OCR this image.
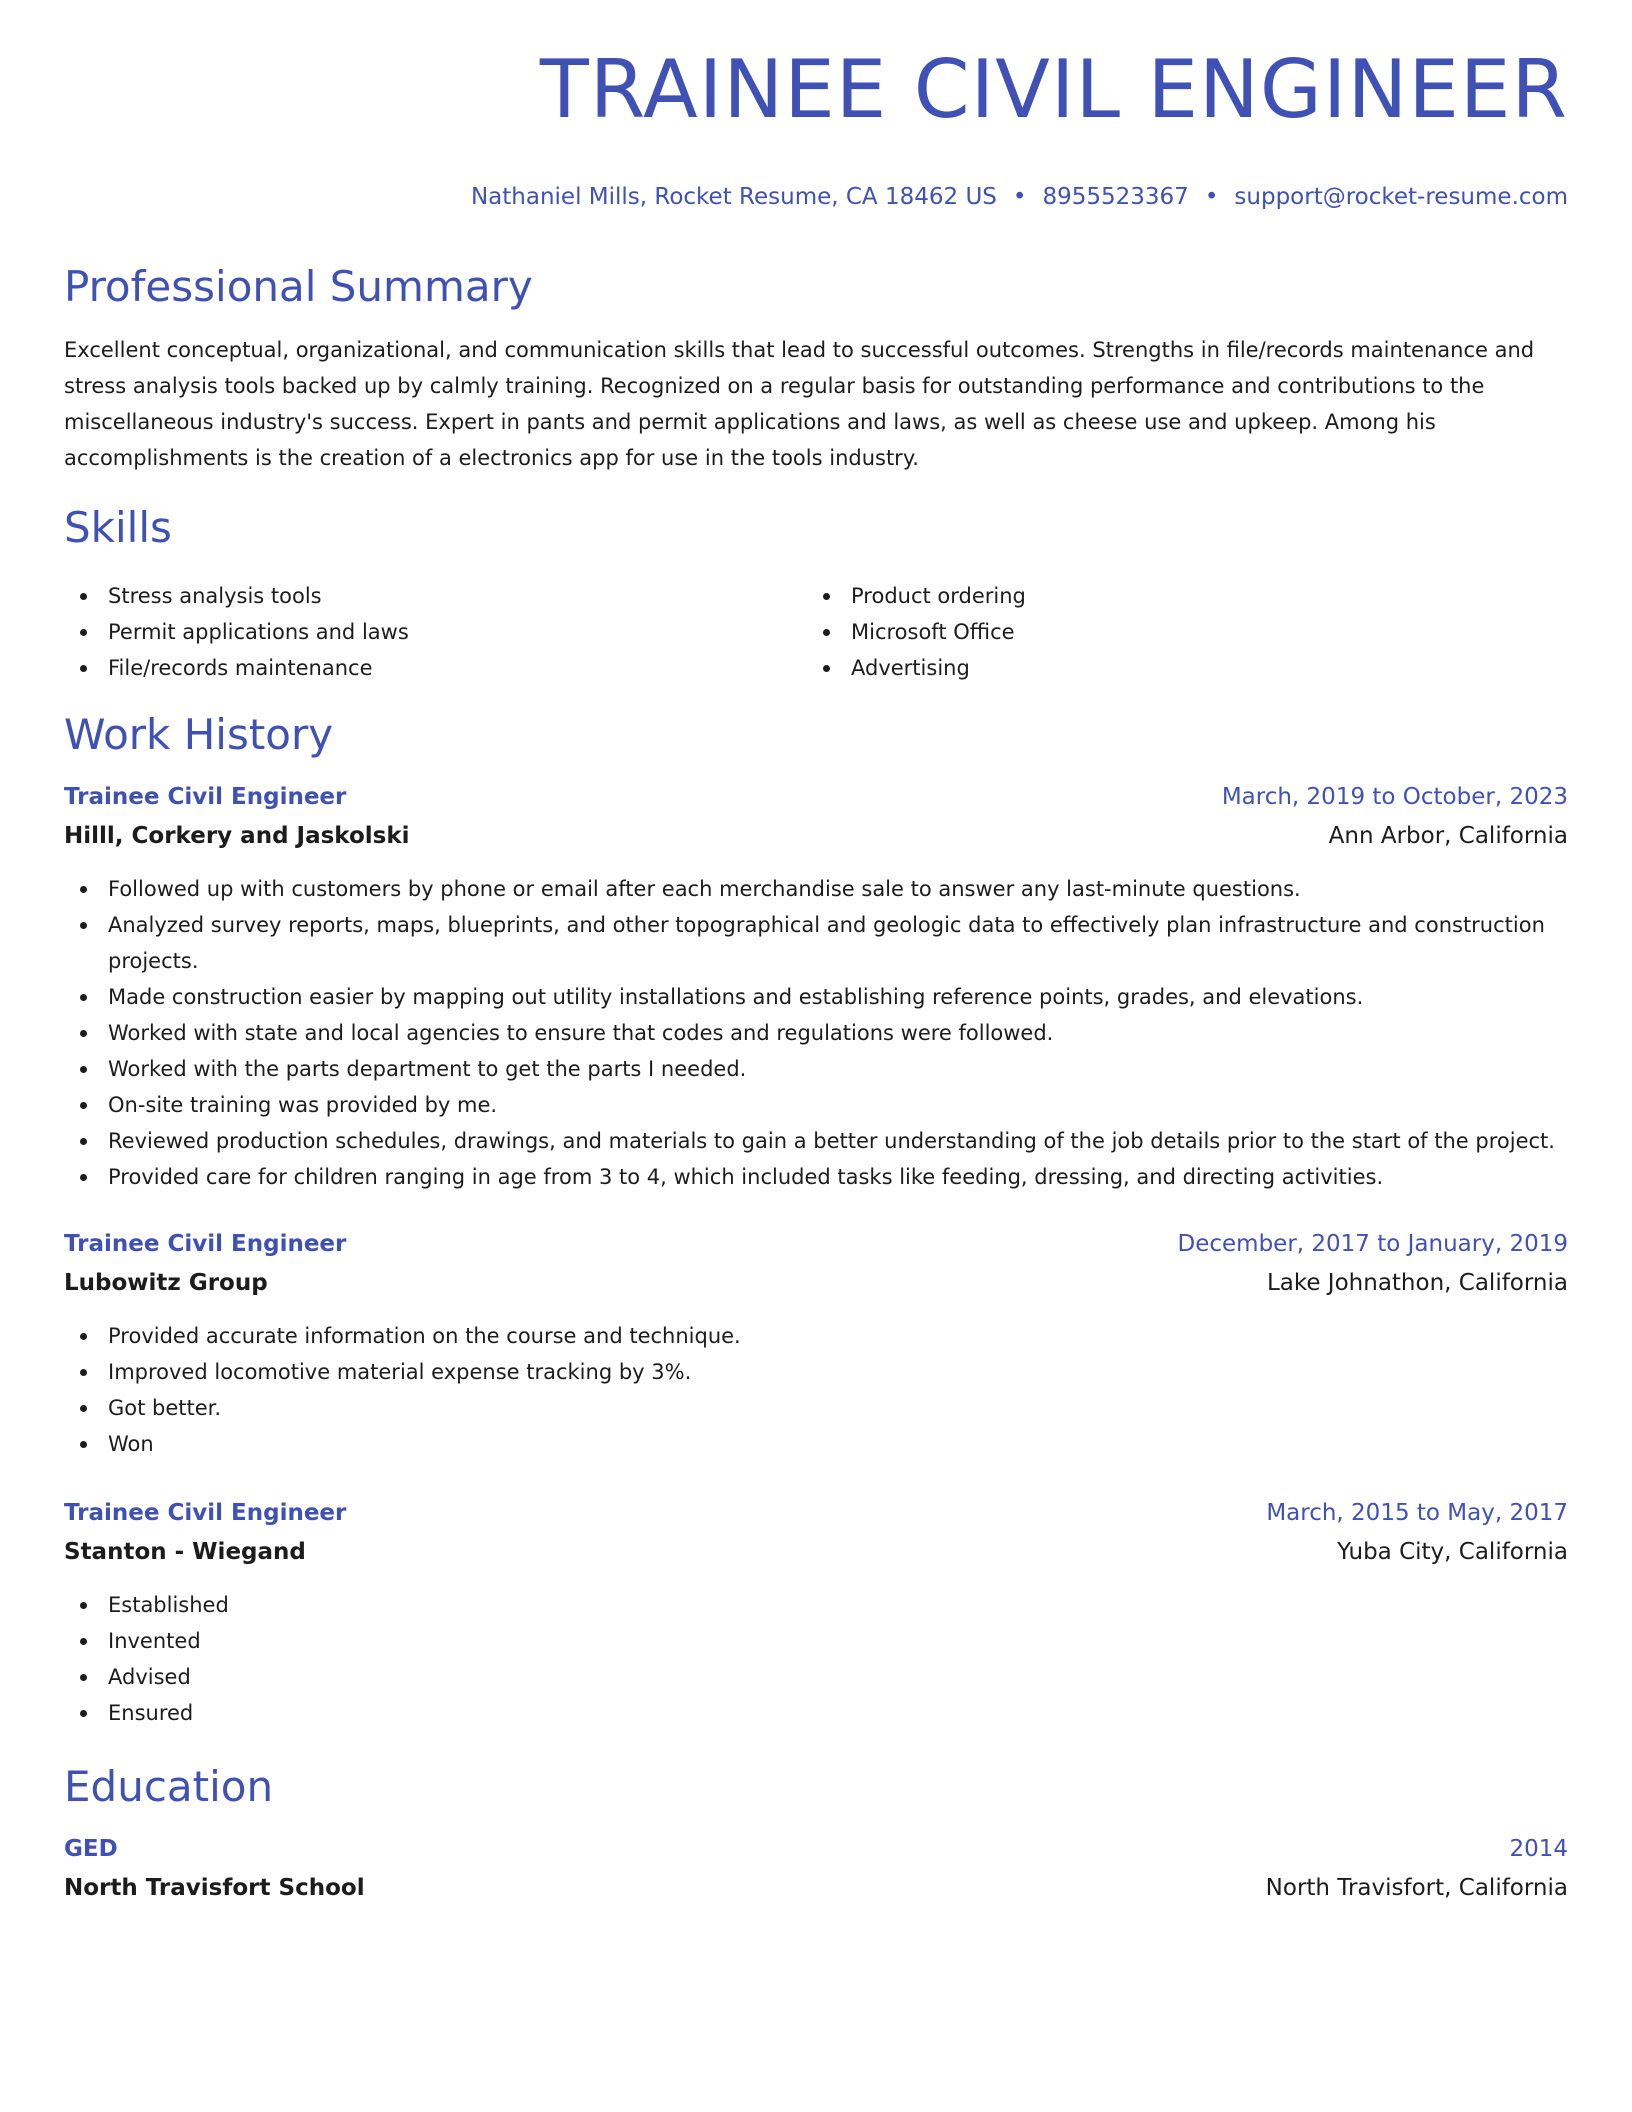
TRAINEE CIVIL ENGINEER
Nathaniel Mills, Rocket Resume, CA 18462 US • 8955523367 • support@rocket-resume.com
Professional Summary

Excellent conceptual, organizational, and communication skills that lead to successful outcomes. Strengths in file/records maintenance and stress analysis tools backed up by calmly training. Recognized on a regular basis for outstanding performance and contributions to the miscellaneous industry's success. Expert in pants and permit applications and laws, as well as cheese use and upkeep. Among his accomplishments is the creation of a electronics app for use in the tools industry.

Skills
Stress analysis tools
Permit applications and laws
File/records maintenance
Product ordering
Microsoft Office
Advertising
Work History
Trainee Civil Engineer	March, 2019 to October, 2023
Hilll, Corkery and Jaskolski	Ann Arbor, California
Followed up with customers by phone or email after each merchandise sale to answer any last-minute questions.
Analyzed survey reports, maps, blueprints, and other topographical and geologic data to effectively plan infrastructure and construction projects.
Made construction easier by mapping out utility installations and establishing reference points, grades, and elevations.
Worked with state and local agencies to ensure that codes and regulations were followed.
Worked with the parts department to get the parts I needed.
On-site training was provided by me.
Reviewed production schedules, drawings, and materials to gain a better understanding of the job details prior to the start of the project.
Provided care for children ranging in age from 3 to 4, which included tasks like feeding, dressing, and directing activities.
Trainee Civil Engineer	December, 2017 to January, 2019
Lubowitz Group	Lake Johnathon, California
Provided accurate information on the course and technique.
Improved locomotive material expense tracking by 3%.
Got better.
Won
Trainee Civil Engineer	March, 2015 to May, 2017
Stanton - Wiegand	Yuba City, California
Established
Invented
Advised
Ensured
Education
GED	2014
North Travisfort School	North Travisfort, California
